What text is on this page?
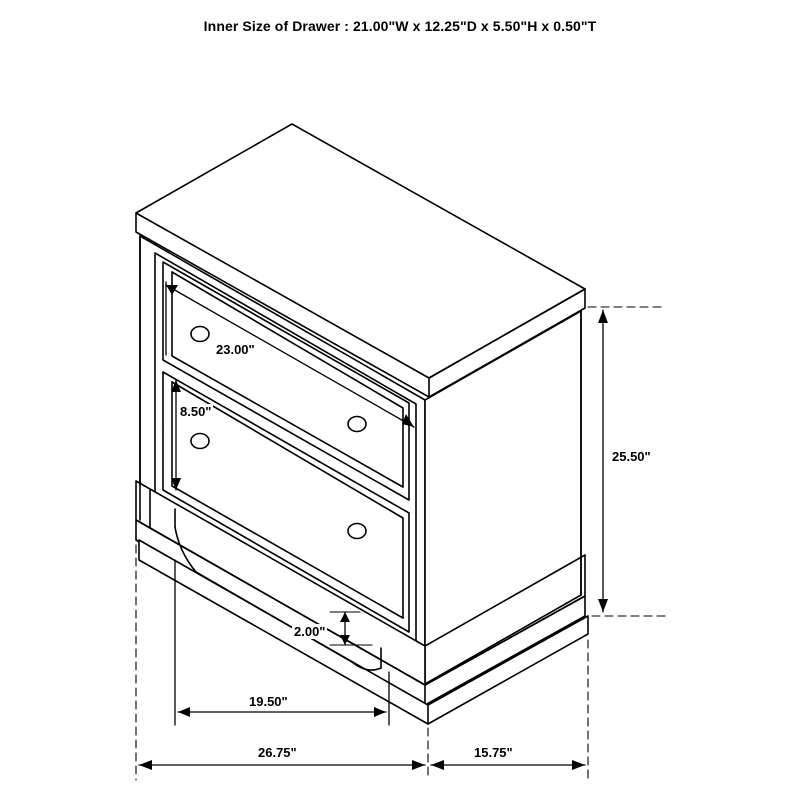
Inner Size of Drawer : 21.00"W x 12.25"D x 5.50"H x 0.50"T
23.00"
8.50"
2.00"
19.50"
26.75"	15.75"
25.50"
